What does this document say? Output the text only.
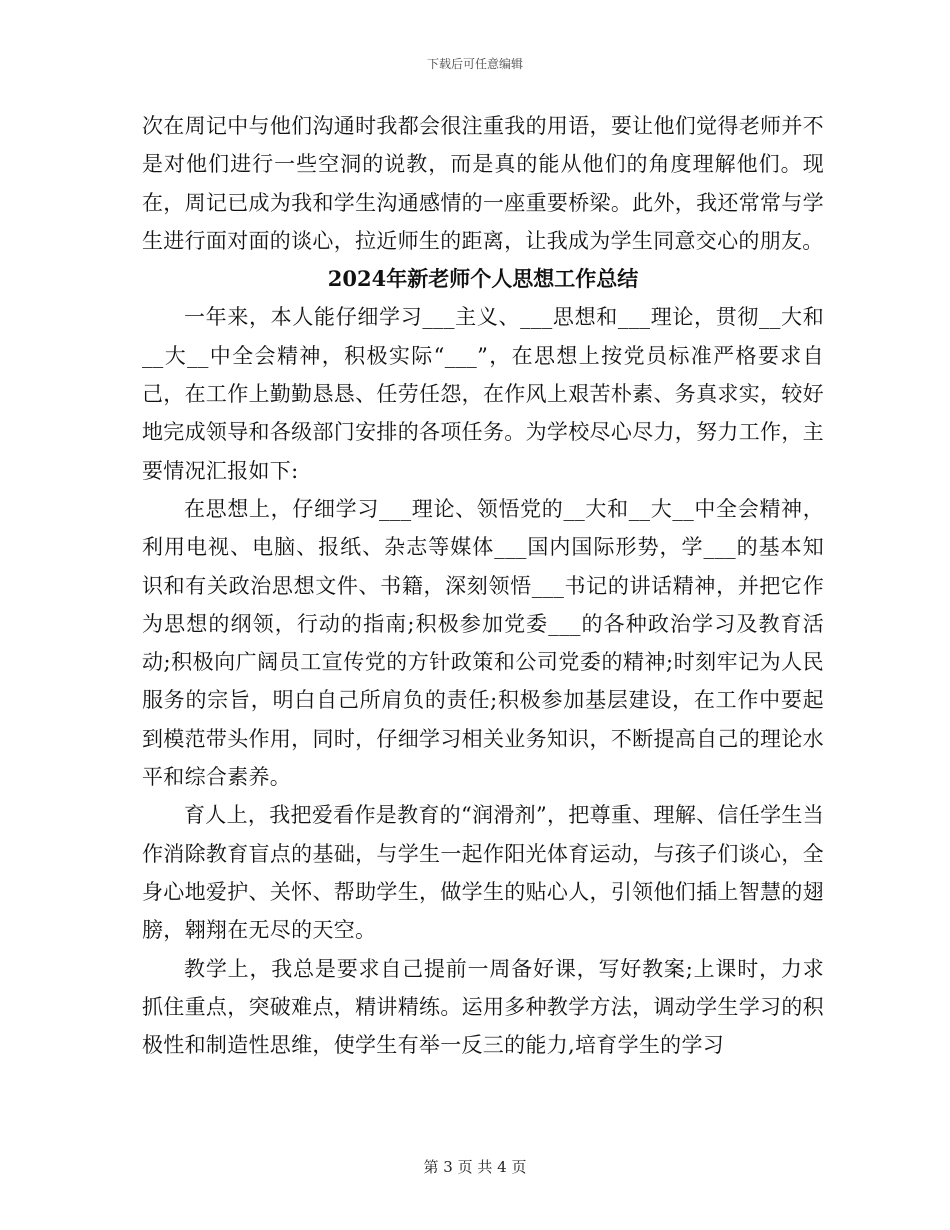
下载后可任意编辑

次在周记中与他们沟通时我都会很注重我的用语，要让他们觉得老师并不是对他们进行一些空洞的说教，而是真的能从他们的角度理解他们。现在，周记已成为我和学生沟通感情的一座重要桥梁。此外，我还常常与学生进行面对面的谈心，拉近师生的距离，让我成为学生同意交心的朋友。

2024年新老师个人思想工作总结

一年来，本人能仔细学习___主义、___思想和___理论，贯彻__大和__大__中全会精神，积极实际“___”，在思想上按党员标准严格要求自己，在工作上勤勤恳恳、任劳任怨，在作风上艰苦朴素、务真求实，较好地完成领导和各级部门安排的各项任务。为学校尽心尽力，努力工作，主要情况汇报如下:

在思想上，仔细学习___理论、领悟党的__大和__大__中全会精神，利用电视、电脑、报纸、杂志等媒体___国内国际形势，学___的基本知识和有关政治思想文件、书籍，深刻领悟___书记的讲话精神，并把它作为思想的纲领，行动的指南;积极参加党委___的各种政治学习及教育活动;积极向广阔员工宣传党的方针政策和公司党委的精神;时刻牢记为人民服务的宗旨，明白自己所肩负的责任;积极参加基层建设，在工作中要起到模范带头作用，同时，仔细学习相关业务知识，不断提高自己的理论水平和综合素养。

育人上，我把爱看作是教育的“润滑剂”，把尊重、理解、信任学生当作消除教育盲点的基础，与学生一起作阳光体育运动，与孩子们谈心，全身心地爱护、关怀、帮助学生，做学生的贴心人，引领他们插上智慧的翅膀，翱翔在无尽的天空。

教学上，我总是要求自己提前一周备好课，写好教案;上课时，力求抓住重点，突破难点，精讲精练。运用多种教学方法，调动学生学习的积极性和制造性思维，使学生有举一反三的能力,培育学生的学习

第 3 页 共 4 页
